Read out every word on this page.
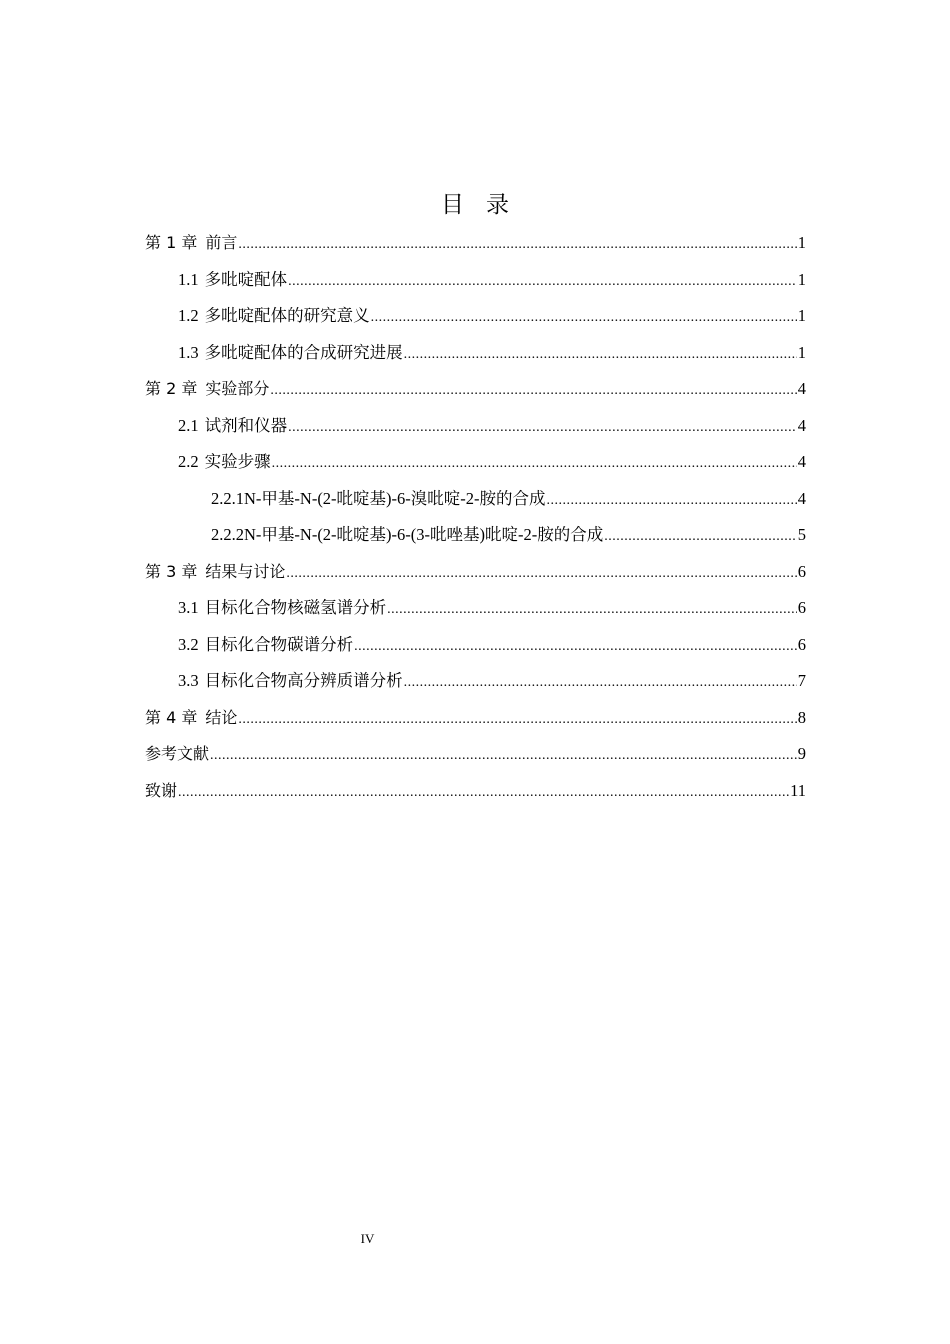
目录
第 1 章 前言 .....	1
1.1 多吡啶配体 .....	1
1.2 多吡啶配体的研究意义 .....	1
1.3 多吡啶配体的合成研究进展 .....	1
第 2 章 实验部分 .....	4
2.1 试剂和仪器 .....	4
2.2 实验步骤 .....	4
2.2.1 N-甲基-N-(2-吡啶基)-6-溴吡啶-2-胺的合成 .....	4
2.2.2 N-甲基-N-(2-吡啶基)-6-(3-吡唑基)吡啶-2-胺的合成 .....	5
第 3 章 结果与讨论 .....	6
3.1 目标化合物核磁氢谱分析 .....	6
3.2 目标化合物碳谱分析 .....	6
3.3 目标化合物高分辨质谱分析 .....	7
第 4 章 结论 .....	8
参考文献 .....	9
致谢 .....	11
IV
